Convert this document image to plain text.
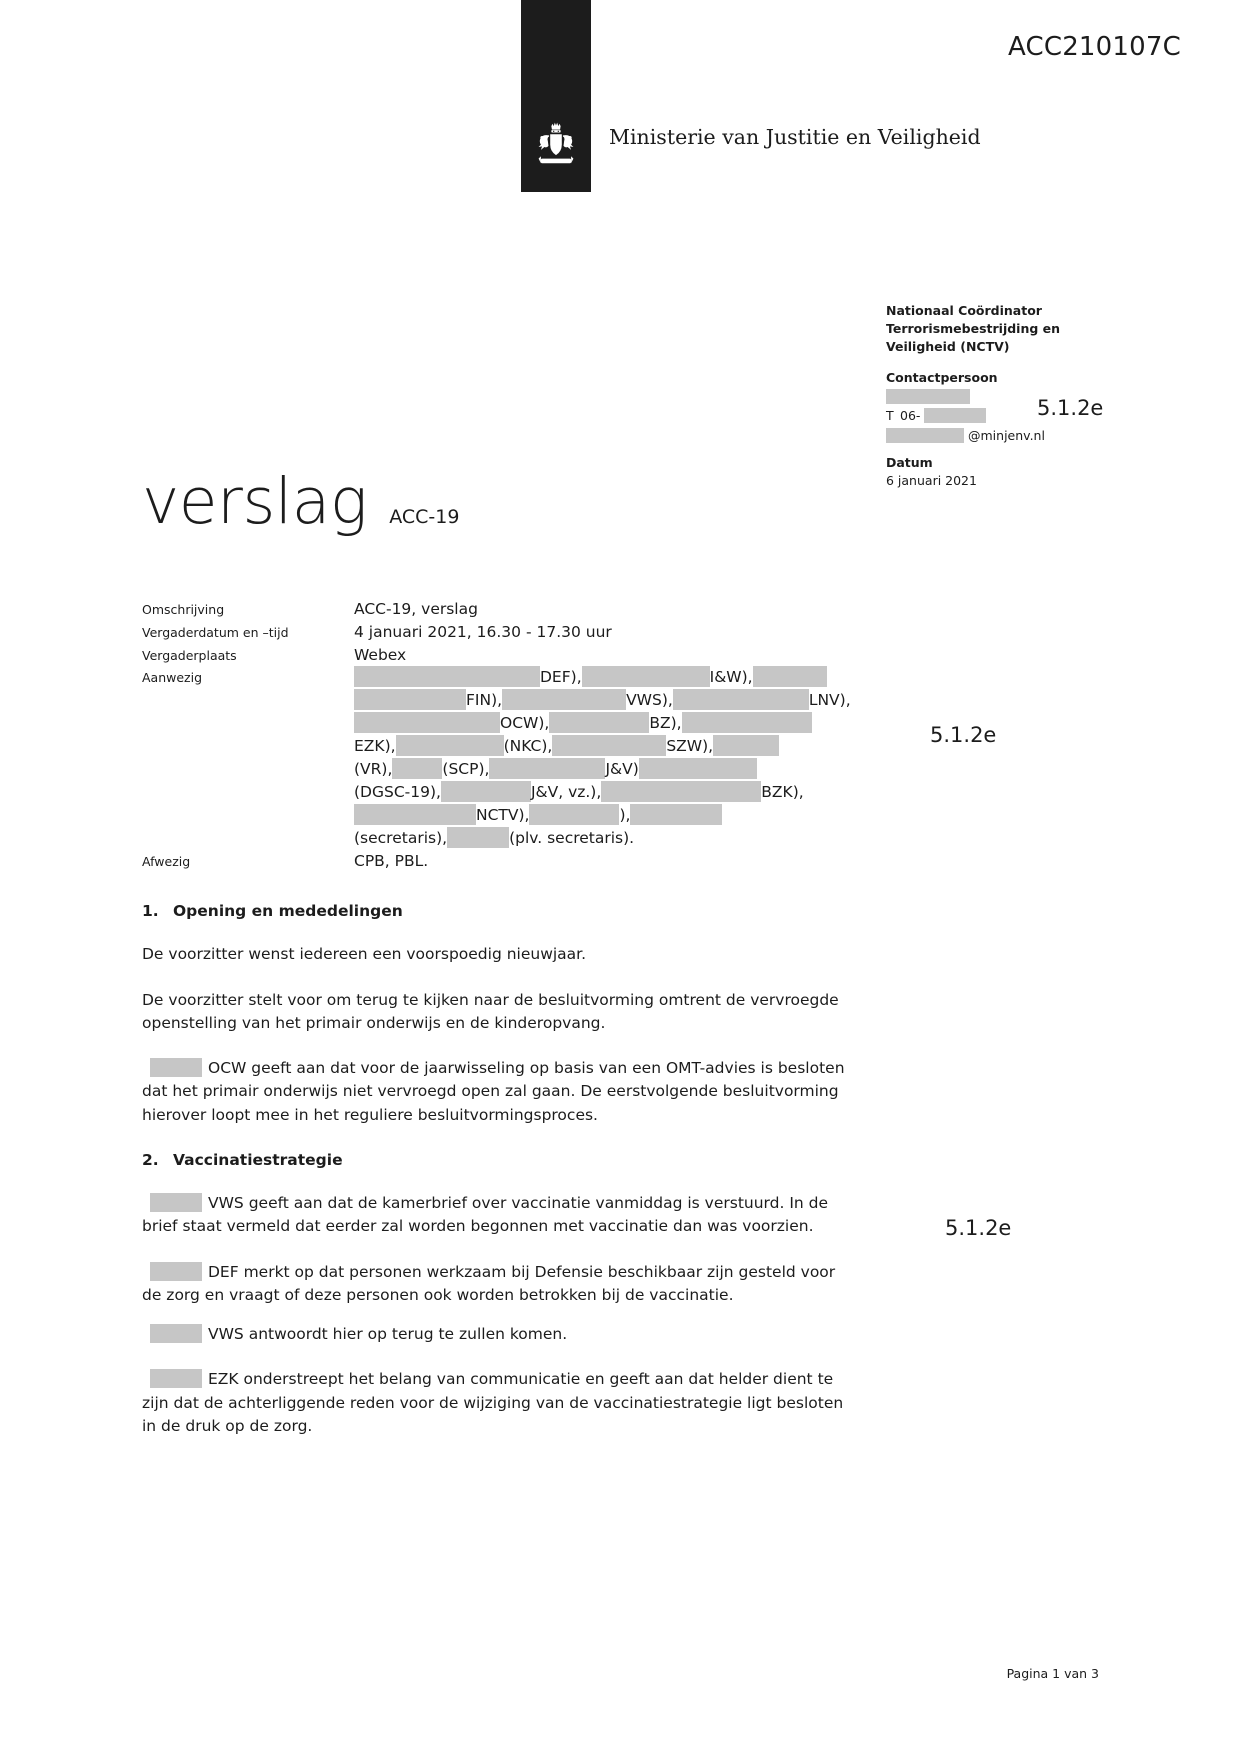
ACC210107C
Ministerie van Justitie en Veiligheid
Nationaal Coördinator Terrorismebestrijding en Veiligheid (NCTV)
Contactpersoon
T 06-
@minjenv.nl
Datum
6 januari 2021
5.1.2e
5.1.2e
5.1.2e
verslag ACC-19
Omschrijving	ACC-19, verslag
Vergaderdatum en –tijd	4 januari 2021, 16.30 - 17.30 uur
Vergaderplaats	Webex
Aanwezig	DEF),	I&W),
FIN),	VWS),	LNV),
OCW),	BZ),
EZK),	(NKC),	SZW),
(VR),	(SCP),	J&V)
(DGSC-19),	J&V, vz.),	BZK),
NCTV),	),
(secretaris),	(plv. secretaris).
Afwezig	CPB, PBL.
1. Opening en mededelingen

De voorzitter wenst iedereen een voorspoedig nieuwjaar.

De voorzitter stelt voor om terug te kijken naar de besluitvorming omtrent de vervroegde openstelling van het primair onderwijs en de kinderopvang.

OCW geeft aan dat voor de jaarwisseling op basis van een OMT-advies is besloten dat het primair onderwijs niet vervroegd open zal gaan. De eerstvolgende besluitvorming hierover loopt mee in het reguliere besluitvormingsproces.

2. Vaccinatiestrategie

VWS geeft aan dat de kamerbrief over vaccinatie vanmiddag is verstuurd. In de brief staat vermeld dat eerder zal worden begonnen met vaccinatie dan was voorzien.

DEF merkt op dat personen werkzaam bij Defensie beschikbaar zijn gesteld voor de zorg en vraagt of deze personen ook worden betrokken bij de vaccinatie.

VWS antwoordt hier op terug te zullen komen.

EZK onderstreept het belang van communicatie en geeft aan dat helder dient te zijn dat de achterliggende reden voor de wijziging van de vaccinatiestrategie ligt besloten in de druk op de zorg.

Pagina 1 van 3
